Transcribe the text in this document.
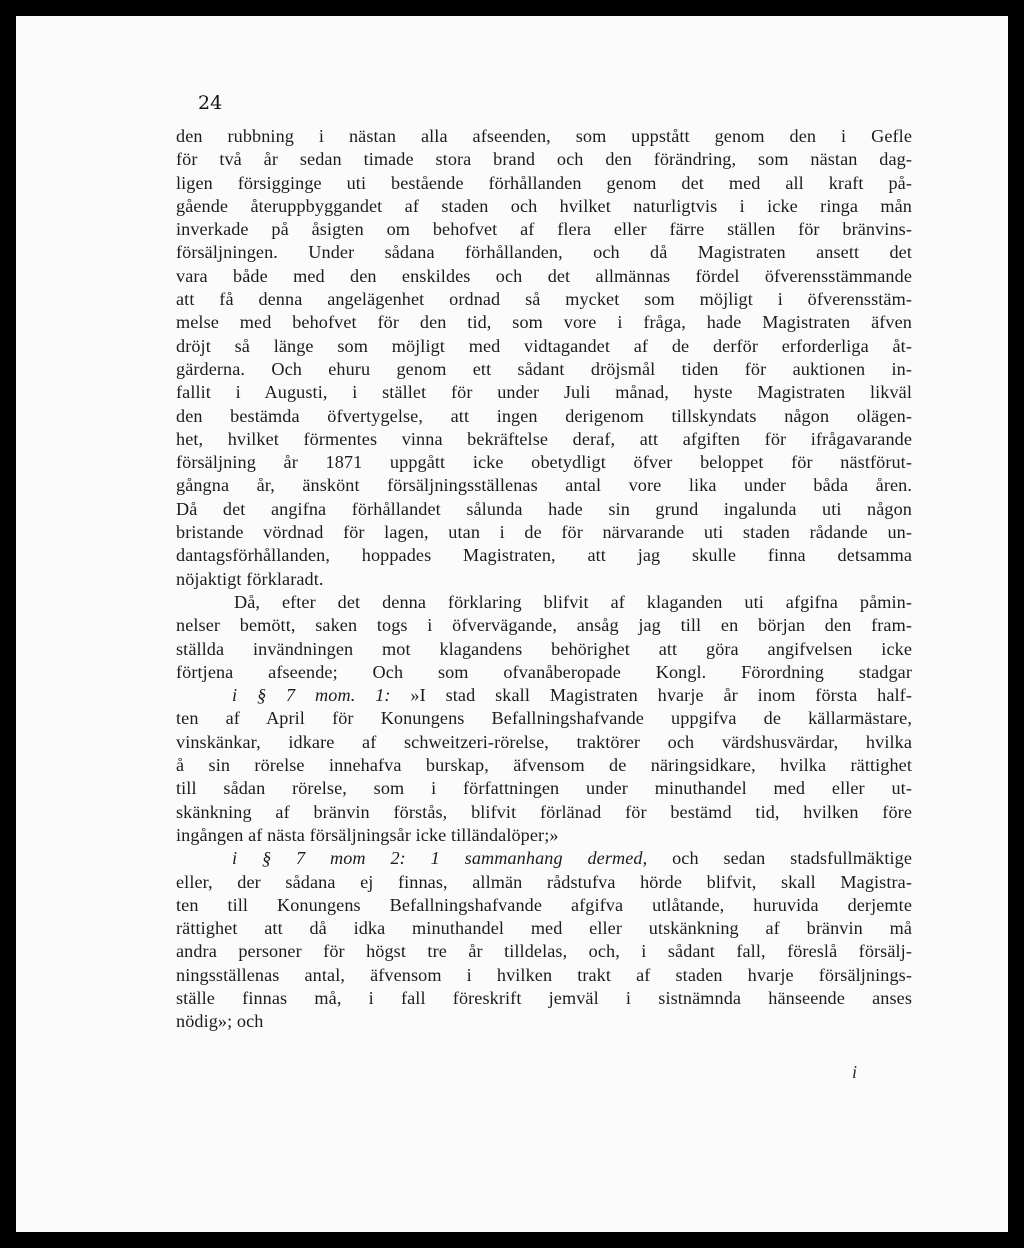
24
den rubbning i nästan alla afseenden, som uppstått genom den i Gefle
för två år sedan timade stora brand och den förändring, som nästan dag-
ligen försigginge uti bestående förhållanden genom det med all kraft på-
gående återuppbyggandet af staden och hvilket naturligtvis i icke ringa mån
inverkade på åsigten om behofvet af flera eller färre ställen för bränvins-
försäljningen. Under sådana förhållanden, och då Magistraten ansett det
vara både med den enskildes och det allmännas fördel öfverensstämmande
att få denna angelägenhet ordnad så mycket som möjligt i öfverensstäm-
melse med behofvet för den tid, som vore i fråga, hade Magistraten äfven
dröjt så länge som möjligt med vidtagandet af de derför erforderliga åt-
gärderna. Och ehuru genom ett sådant dröjsmål tiden för auktionen in-
fallit i Augusti, i stället för under Juli månad, hyste Magistraten likväl
den bestämda öfvertygelse, att ingen derigenom tillskyndats någon olägen-
het, hvilket förmentes vinna bekräftelse deraf, att afgiften för ifrågavarande
försäljning år 1871 uppgått icke obetydligt öfver beloppet för nästförut-
gångna år, änskönt försäljningsställenas antal vore lika under båda åren.
Då det angifna förhållandet sålunda hade sin grund ingalunda uti någon
bristande vördnad för lagen, utan i de för närvarande uti staden rådande un-
dantagsförhållanden, hoppades Magistraten, att jag skulle finna detsamma
nöjaktigt förklaradt.
Då, efter det denna förklaring blifvit af klaganden uti afgifna påmin-
nelser bemött, saken togs i öfvervägande, ansåg jag till en början den fram-
ställda invändningen mot klagandens behörighet att göra angifvelsen icke
förtjena afseende; Och som ofvanåberopade Kongl. Förordning stadgar
i § 7 mom. 1: »I stad skall Magistraten hvarje år inom första half-
ten af April för Konungens Befallningshafvande uppgifva de källarmästare,
vinskänkar, idkare af schweitzeri-rörelse, traktörer och värdshusvärdar, hvilka
å sin rörelse innehafva burskap, äfvensom de näringsidkare, hvilka rättighet
till sådan rörelse, som i författningen under minuthandel med eller ut-
skänkning af bränvin förstås, blifvit förlänad för bestämd tid, hvilken före
ingången af nästa försäljningsår icke tilländalöper;»
i § 7 mom 2: 1 sammanhang dermed, och sedan stadsfullmäktige
eller, der sådana ej finnas, allmän rådstufva hörde blifvit, skall Magistra-
ten till Konungens Befallningshafvande afgifva utlåtande, huruvida derjemte
rättighet att då idka minuthandel med eller utskänkning af bränvin må
andra personer för högst tre år tilldelas, och, i sådant fall, föreslå försälj-
ningsställenas antal, äfvensom i hvilken trakt af staden hvarje försäljnings-
ställe finnas må, i fall föreskrift jemväl i sistnämnda hänseende anses
nödig»; och
i
